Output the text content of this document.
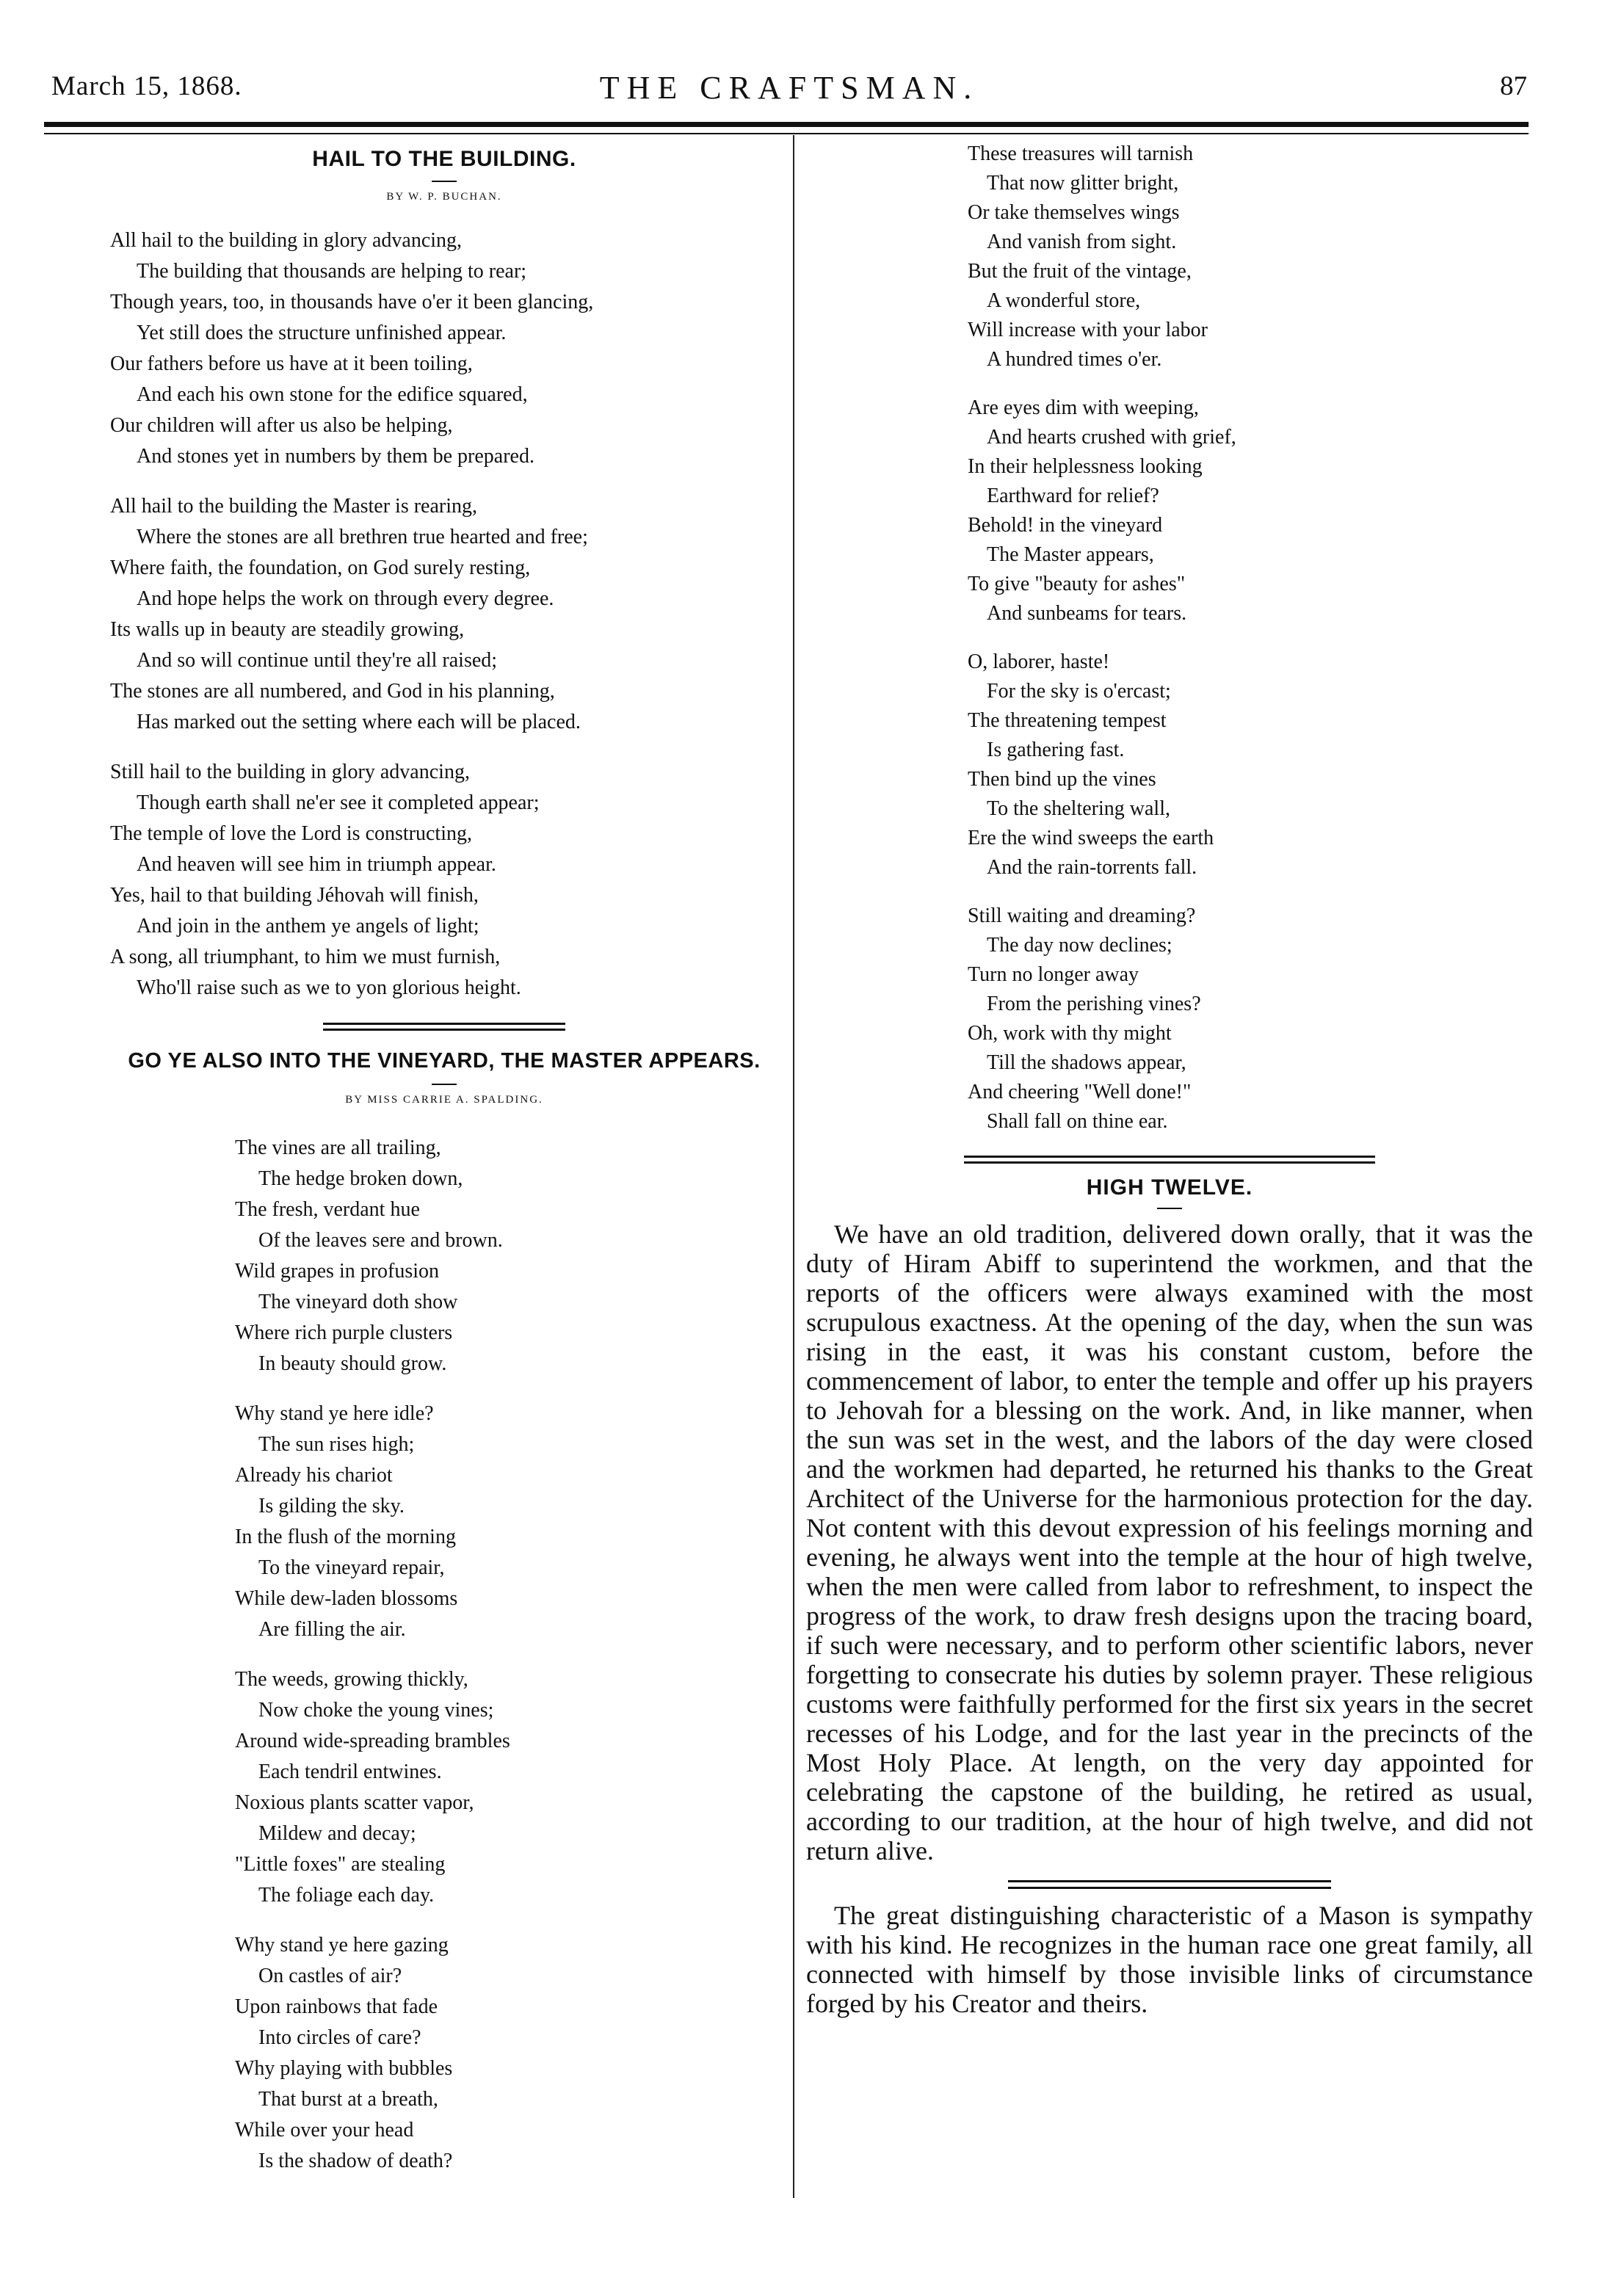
March 15, 1868.	THE CRAFTSMAN.	87
HAIL TO THE BUILDING.
BY W. P. BUCHAN.
All hail to the building in glory advancing,
The building that thousands are helping to rear;
Though years, too, in thousands have o'er it been glancing,
Yet still does the structure unfinished appear.
Our fathers before us have at it been toiling,
And each his own stone for the edifice squared,
Our children will after us also be helping,
And stones yet in numbers by them be prepared.
All hail to the building the Master is rearing,
Where the stones are all brethren true hearted and free;
Where faith, the foundation, on God surely resting,
And hope helps the work on through every degree.
Its walls up in beauty are steadily growing,
And so will continue until they're all raised;
The stones are all numbered, and God in his planning,
Has marked out the setting where each will be placed.
Still hail to the building in glory advancing,
Though earth shall ne'er see it completed appear;
The temple of love the Lord is constructing,
And heaven will see him in triumph appear.
Yes, hail to that building Jéhovah will finish,
And join in the anthem ye angels of light;
A song, all triumphant, to him we must furnish,
Who'll raise such as we to yon glorious height.
GO YE ALSO INTO THE VINEYARD, THE MASTER APPEARS.
BY MISS CARRIE A. SPALDING.
The vines are all trailing,
The hedge broken down,
The fresh, verdant hue
Of the leaves sere and brown.
Wild grapes in profusion
The vineyard doth show
Where rich purple clusters
In beauty should grow.
Why stand ye here idle?
The sun rises high;
Already his chariot
Is gilding the sky.
In the flush of the morning
To the vineyard repair,
While dew-laden blossoms
Are filling the air.
The weeds, growing thickly,
Now choke the young vines;
Around wide-spreading brambles
Each tendril entwines.
Noxious plants scatter vapor,
Mildew and decay;
"Little foxes" are stealing
The foliage each day.
Why stand ye here gazing
On castles of air?
Upon rainbows that fade
Into circles of care?
Why playing with bubbles
That burst at a breath,
While over your head
Is the shadow of death?
These treasures will tarnish
That now glitter bright,
Or take themselves wings
And vanish from sight.
But the fruit of the vintage,
A wonderful store,
Will increase with your labor
A hundred times o'er.
Are eyes dim with weeping,
And hearts crushed with grief,
In their helplessness looking
Earthward for relief?
Behold! in the vineyard
The Master appears,
To give "beauty for ashes"
And sunbeams for tears.
O, laborer, haste!
For the sky is o'ercast;
The threatening tempest
Is gathering fast.
Then bind up the vines
To the sheltering wall,
Ere the wind sweeps the earth
And the rain-torrents fall.
Still waiting and dreaming?
The day now declines;
Turn no longer away
From the perishing vines?
Oh, work with thy might
Till the shadows appear,
And cheering "Well done!"
Shall fall on thine ear.
HIGH TWELVE.

We have an old tradition, delivered down orally, that it was the duty of Hiram Abiff to superintend the workmen, and that the reports of the officers were always examined with the most scrupulous exactness. At the opening of the day, when the sun was rising in the east, it was his constant custom, before the commencement of labor, to enter the temple and offer up his prayers to Jehovah for a blessing on the work. And, in like manner, when the sun was set in the west, and the labors of the day were closed and the workmen had departed, he returned his thanks to the Great Architect of the Universe for the harmonious protection for the day. Not content with this devout expression of his feelings morning and evening, he always went into the temple at the hour of high twelve, when the men were called from labor to refreshment, to inspect the progress of the work, to draw fresh designs upon the tracing board, if such were necessary, and to perform other scientific labors, never forgetting to consecrate his duties by solemn prayer. These religious customs were faithfully performed for the first six years in the secret recesses of his Lodge, and for the last year in the precincts of the Most Holy Place. At length, on the very day appointed for celebrating the capstone of the building, he retired as usual, according to our tradition, at the hour of high twelve, and did not return alive.

The great distinguishing characteristic of a Mason is sympathy with his kind. He recognizes in the human race one great family, all connected with himself by those invisible links of circumstance forged by his Creator and theirs.
